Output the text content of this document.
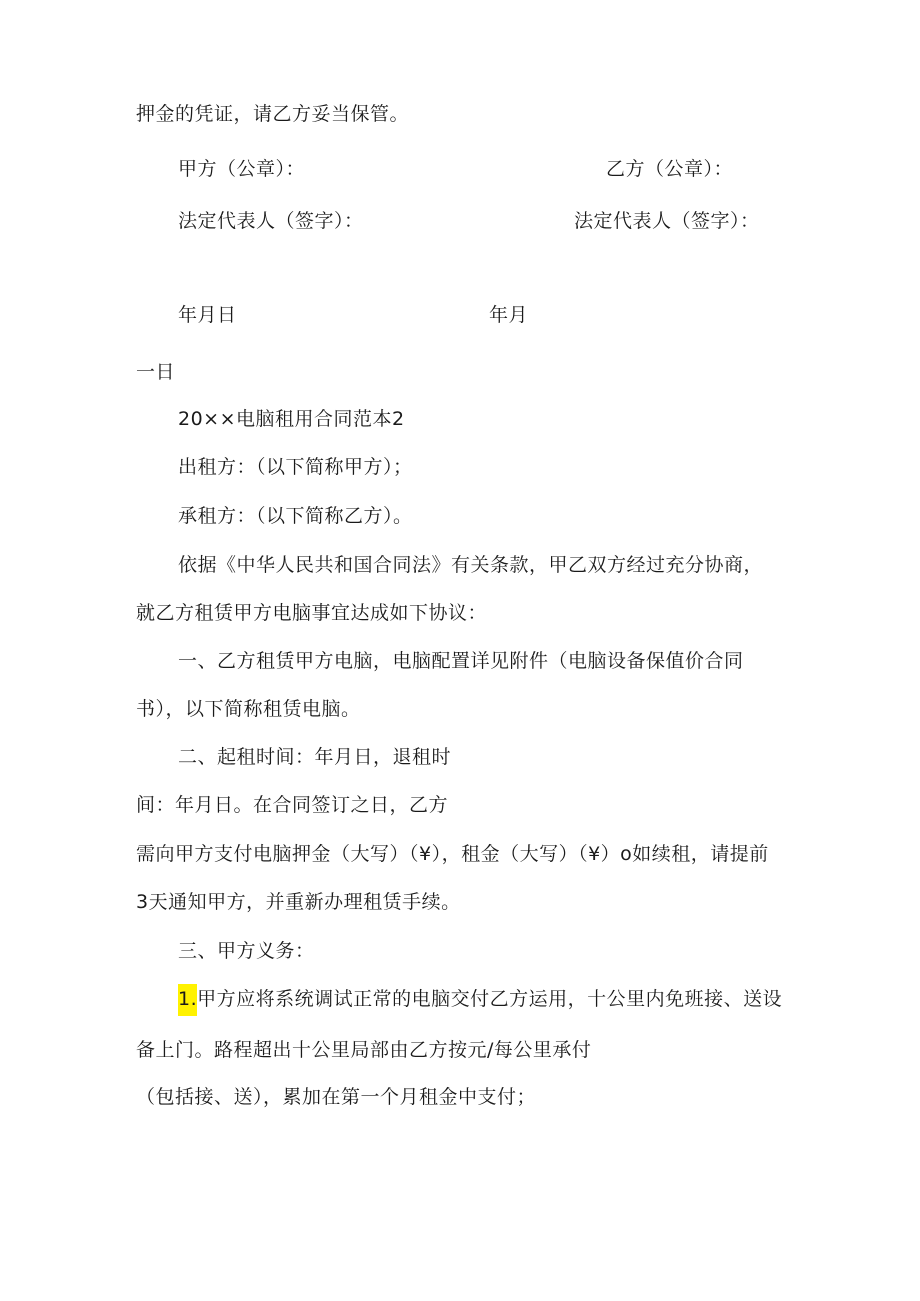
押金的凭证，请乙方妥当保管。
甲方（公章）：	乙方（公章）：
法定代表人（签字）：	法定代表人（签字）：
年月日	年月
一日
20××电脑租用合同范本2
出租方：（以下简称甲方）；
承租方：（以下简称乙方）。
依据《中华人民共和国合同法》有关条款，甲乙双方经过充分协商，
就乙方租赁甲方电脑事宜达成如下协议：
一、乙方租赁甲方电脑，电脑配置详见附件（电脑设备保值价合同
书），以下简称租赁电脑。
二、起租时间：年月日，退租时
间：年月日。在合同签订之日，乙方
需向甲方支付电脑押金（大写）（¥），租金（大写）（¥）o如续租，请提前
3天通知甲方，并重新办理租赁手续。
三、甲方义务：
1.甲方应将系统调试正常的电脑交付乙方运用，十公里内免班接、送设
备上门。路程超出十公里局部由乙方按元/每公里承付
（包括接、送），累加在第一个月租金中支付；
